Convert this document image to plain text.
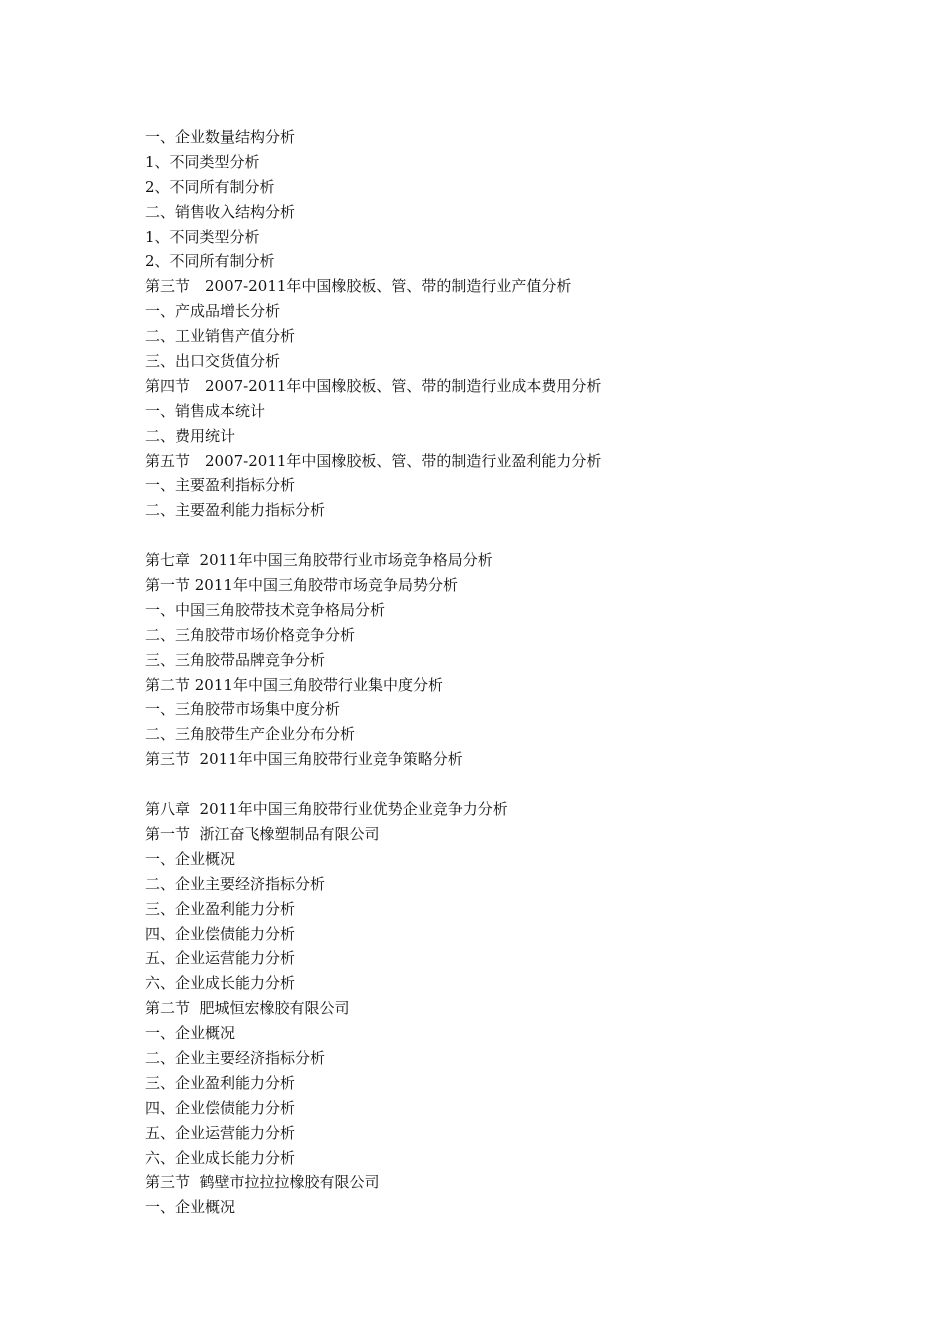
一、企业数量结构分析
1、不同类型分析
2、不同所有制分析
二、销售收入结构分析
1、不同类型分析
2、不同所有制分析
第三节　2007-2011年中国橡胶板、管、带的制造行业产值分析
一、产成品增长分析
二、工业销售产值分析
三、出口交货值分析
第四节　2007-2011年中国橡胶板、管、带的制造行业成本费用分析
一、销售成本统计
二、费用统计
第五节　2007-2011年中国橡胶板、管、带的制造行业盈利能力分析
一、主要盈利指标分析
二、主要盈利能力指标分析
第七章  2011年中国三角胶带行业市场竞争格局分析
第一节 2011年中国三角胶带市场竞争局势分析
一、中国三角胶带技术竞争格局分析
二、三角胶带市场价格竞争分析
三、三角胶带品牌竞争分析
第二节 2011年中国三角胶带行业集中度分析
一、三角胶带市场集中度分析
二、三角胶带生产企业分布分析
第三节  2011年中国三角胶带行业竞争策略分析
第八章  2011年中国三角胶带行业优势企业竞争力分析
第一节  浙江奋飞橡塑制品有限公司
一、企业概况
二、企业主要经济指标分析
三、企业盈利能力分析
四、企业偿债能力分析
五、企业运营能力分析
六、企业成长能力分析
第二节  肥城恒宏橡胶有限公司
一、企业概况
二、企业主要经济指标分析
三、企业盈利能力分析
四、企业偿债能力分析
五、企业运营能力分析
六、企业成长能力分析
第三节  鹤壁市拉拉拉橡胶有限公司
一、企业概况
